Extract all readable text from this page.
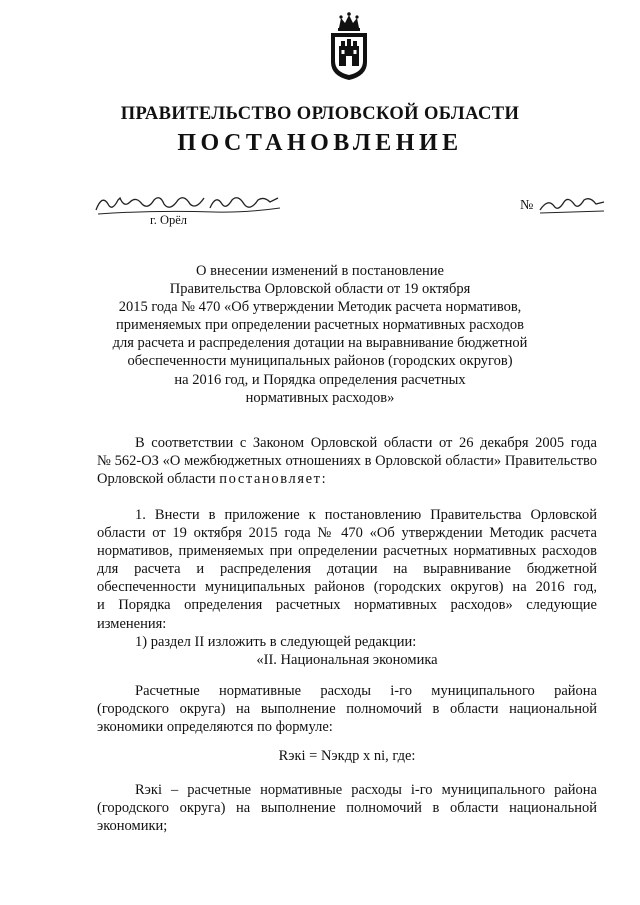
ПРАВИТЕЛЬСТВО ОРЛОВСКОЙ ОБЛАСТИ
ПОСТАНОВЛЕНИЕ
г. Орёл
№
О внесении изменений в постановление
Правительства Орловской области от 19 октября
2015 года № 470 «Об утверждении Методик расчета нормативов,
применяемых при определении расчетных нормативных расходов
для расчета и распределения дотации на выравнивание бюджетной
обеспеченности муниципальных районов (городских округов)
на 2016 год, и Порядка определения расчетных
нормативных расходов»
В соответствии с Законом Орловской области от 26 декабря 2005 года
№ 562-ОЗ «О межбюджетных отношениях в Орловской области» Правительство
Орловской области постановляет:
1. Внести в приложение к постановлению Правительства Орловской
области от 19 октября 2015 года № 470 «Об утверждении Методик расчета
нормативов, применяемых при определении расчетных нормативных расходов
для расчета и распределения дотации на выравнивание бюджетной
обеспеченности муниципальных районов (городских округов) на 2016 год,
и Порядка определения расчетных нормативных расходов» следующие
изменения:
1) раздел II изложить в следующей редакции:
«II. Национальная экономика
Расчетные нормативные расходы i-го муниципального района
(городского округа) на выполнение полномочий в области национальной
экономики определяются по формуле:
Rэкi = Nэкдр x ni, где:
Rэкi – расчетные нормативные расходы i-го муниципального района
(городского округа) на выполнение полномочий в области национальной
экономики;
